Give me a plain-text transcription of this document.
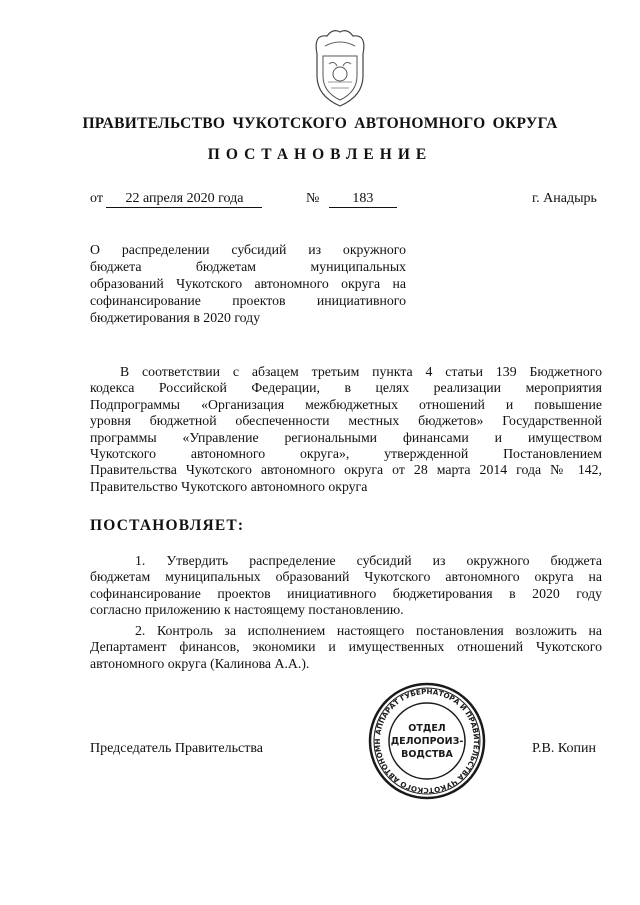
ПРАВИТЕЛЬСТВО ЧУКОТСКОГО АВТОНОМНОГО ОКРУГА
ПОСТАНОВЛЕНИЕ
от 22 апреля 2020 года	№ 183	г. Анадырь
О распределении субсидий из окружного
бюджета бюджетам муниципальных
образований Чукотского автономного округа на
софинансирование проектов инициативного
бюджетирования в 2020 году
В соответствии с абзацем третьим пункта 4 статьи 139 Бюджетного
кодекса Российской Федерации, в целях реализации мероприятия
Подпрограммы «Организация межбюджетных отношений и повышение
уровня бюджетной обеспеченности местных бюджетов» Государственной
программы «Управление региональными финансами и имуществом
Чукотского автономного округа», утвержденной Постановлением
Правительства Чукотского автономного округа от 28 марта 2014 года № 142,
Правительство Чукотского автономного округа
ПОСТАНОВЛЯЕТ:
1. Утвердить распределение субсидий из окружного бюджета
бюджетам муниципальных образований Чукотского автономного округа на
софинансирование проектов инициативного бюджетирования в 2020 году
согласно приложению к настоящему постановлению.
2. Контроль за исполнением настоящего постановления возложить на
Департамент финансов, экономики и имущественных отношений Чукотского
автономного округа (Калинова А.А.).
АППАРАТ ГУБЕРНАТОРА И ПРАВИТЕЛЬСТВА ЧУКОТСКОГО АВТОНОМН
ОТДЕЛ
ДЕЛОПРОИЗ-
ВОДСТВА
Председатель Правительства	Р.В. Копин
